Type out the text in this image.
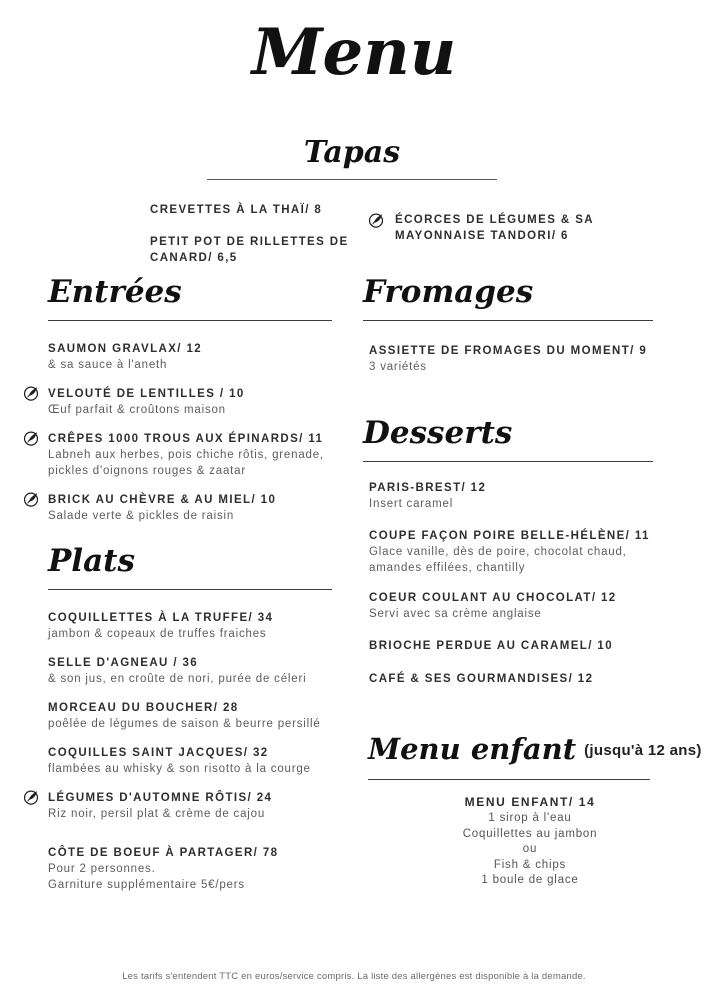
Menu
Tapas
CREVETTES À LA THAÏ/ 8
PETIT POT DE RILLETTES DE CANARD/ 6,5
ÉCORCES DE LÉGUMES & SA MAYONNAISE TANDORI/ 6
Entrées
SAUMON GRAVLAX/ 12
& sa sauce à l'aneth
VELOUTÉ DE LENTILLES / 10
Œuf parfait & croûtons maison
CRÊPES 1000 TROUS AUX ÉPINARDS/ 11
Labneh aux herbes, pois chiche rôtis, grenade, pickles d'oignons rouges & zaatar
BRICK AU CHÈVRE & AU MIEL/ 10
Salade verte & pickles de raisin
Plats
COQUILLETTES À LA TRUFFE/ 34
jambon & copeaux de truffes fraiches
SELLE D'AGNEAU / 36
& son jus, en croûte de nori, purée de céleri
MORCEAU DU BOUCHER/ 28
poêlée de légumes de saison & beurre persillé
COQUILLES SAINT JACQUES/ 32
flambées au whisky & son risotto à la courge
LÉGUMES D'AUTOMNE RÔTIS/ 24
Riz noir, persil plat & crème de cajou
CÔTE DE BOEUF À PARTAGER/ 78
Pour 2 personnes.
Garniture supplémentaire 5€/pers
Fromages
ASSIETTE DE FROMAGES DU MOMENT/ 9
3 variétés
Desserts
PARIS-BREST/ 12
Insert caramel
COUPE FAÇON POIRE BELLE-HÉLÈNE/ 11
Glace vanille, dès de poire, chocolat chaud, amandes effilées, chantilly
COEUR COULANT AU CHOCOLAT/ 12
Servi avec sa crème anglaise
BRIOCHE PERDUE AU CARAMEL/ 10
CAFÉ & SES GOURMANDISES/ 12
Menu enfant (jusqu'à 12 ans)
MENU ENFANT/ 14
1 sirop à l'eau
Coquillettes au jambon
ou
Fish & chips
1 boule de glace
Les tarifs s'entendent TTC en euros/service compris. La liste des allergènes est disponible à la demande.
